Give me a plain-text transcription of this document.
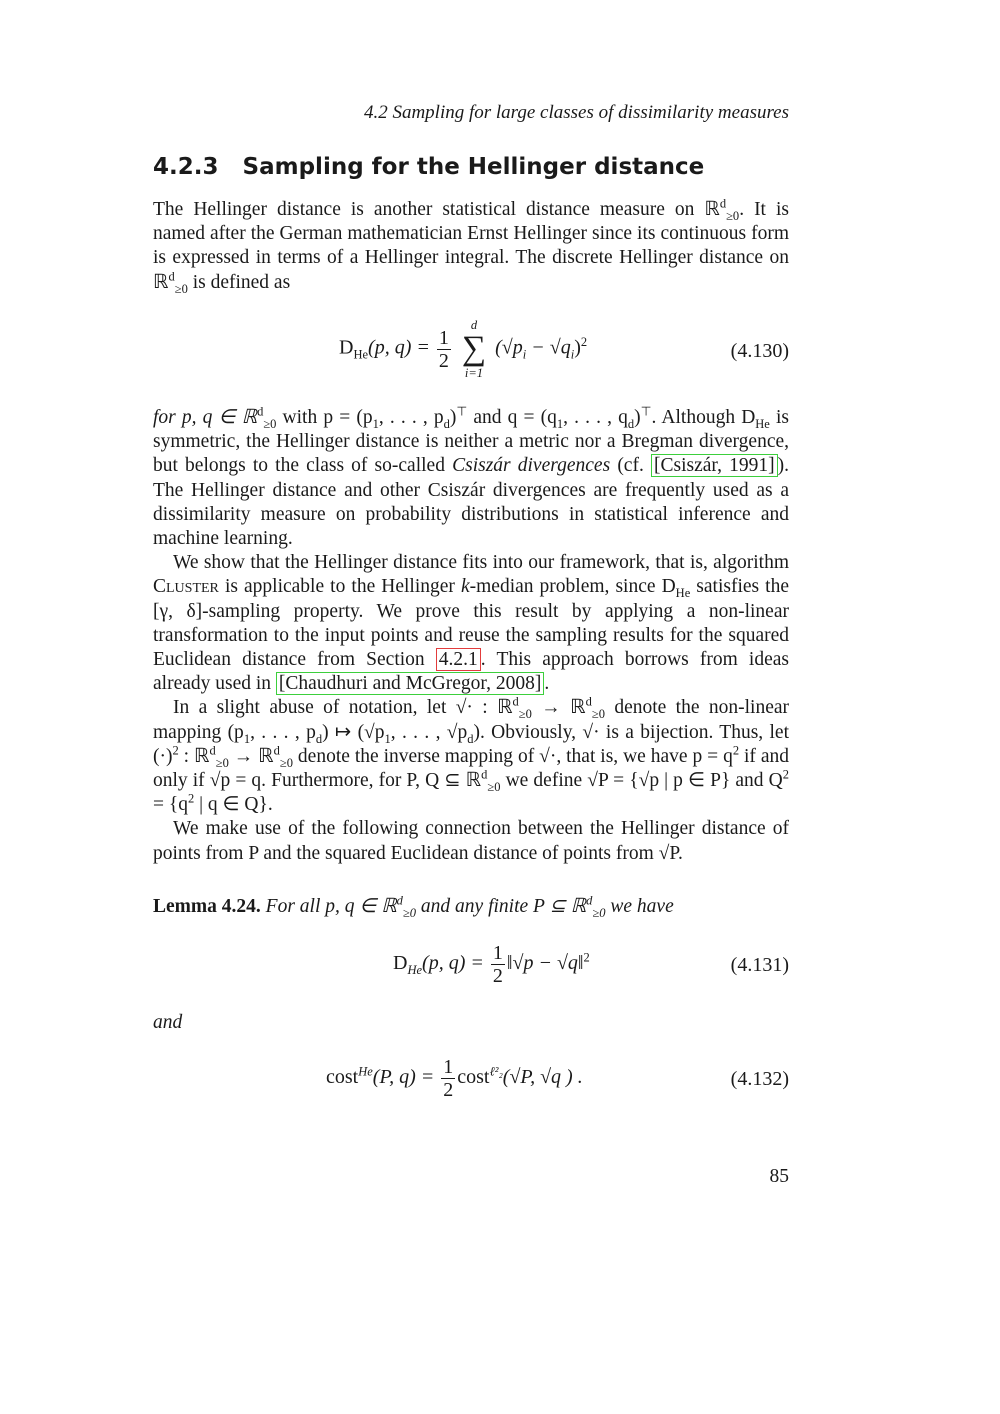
4.2 Sampling for large classes of dissimilarity measures
4.2.3 Sampling for the Hellinger distance

The Hellinger distance is another statistical distance measure on ℝ$^d_{\ge 0}$. It is named after the German mathematician Ernst Hellinger since its continuous form is expressed in terms of a Hellinger integral. The discrete Hellinger distance on ℝ$^d_{\ge 0}$ is defined as

$D_{He}(p$, $q) = \frac{1}{2}$

d
∑
i=1
$(√p_i - √q_i)^2$	(4.130)

for p, q ∈ ℝ$^d_{\ge 0}$ with $p = (p_1$, . . . , $p_d)^⊤$ and $q = (q_1$, . . . , $q_d)^⊤$. Although $D_{He}$ is symmetric, the Hellinger distance is neither a metric nor a Bregman divergence, but belongs to the class of so-called Csiszár divergences (cf. [Csiszár, 1991] ). The Hellinger distance and other Csiszár divergences are frequently used as a dissimilarity measure on probability distributions in statistical inference and machine learning.

We show that the Hellinger distance fits into our framework, that is, algorithm Cluster is applicable to the Hellinger k-median problem, since $D_{He}$ satisfies the [γ, δ]-sampling property. We prove this result by applying a non-linear transformation to the input points and reuse the sampling results for the squared Euclidean distance from Section 4.2.1 . This approach borrows from ideas already used in [Chaudhuri and McGregor, 2008] .

In a slight abuse of notation, let √· : ℝ$^d_{\ge 0}$ → ℝ$^d_{\ge 0}$ denote the non-linear mapping ($p_1$, . . . , $p_d$) ↦ ($√p_1$, . . . , $√p_d$). Obviously, √· is a bijection. Thus, let $(\cdot)^2$ : ℝ$^d_{\ge 0}$ → ℝ$^d_{\ge 0}$ denote the inverse mapping of √·, that is, we have $p = q^2$ if and only if √p = q. Furthermore, for P, Q ⊆ ℝ$^d_{\ge 0}$ we define √P = {√p | p ∈ P} and $Q^2 = \{q^2$ | q ∈ Q}.

We make use of the following connection between the Hellinger distance of points from P and the squared Euclidean distance of points from √P.

Lemma 4.24. For all p, q ∈ ℝ$^d_{\ge 0}$ and any finite P ⊆ ℝ$^d_{\ge 0}$ we have

$D_{He}(p$, $q) = \frac{1}{2}$ ‖√p − √q‖$^2$	(4.131)

and

cost$^{He}$(P, $q) = \frac{1}{2} \cos t^{\ell^2_2}(√P$, √q ) .	(4.132)
85
